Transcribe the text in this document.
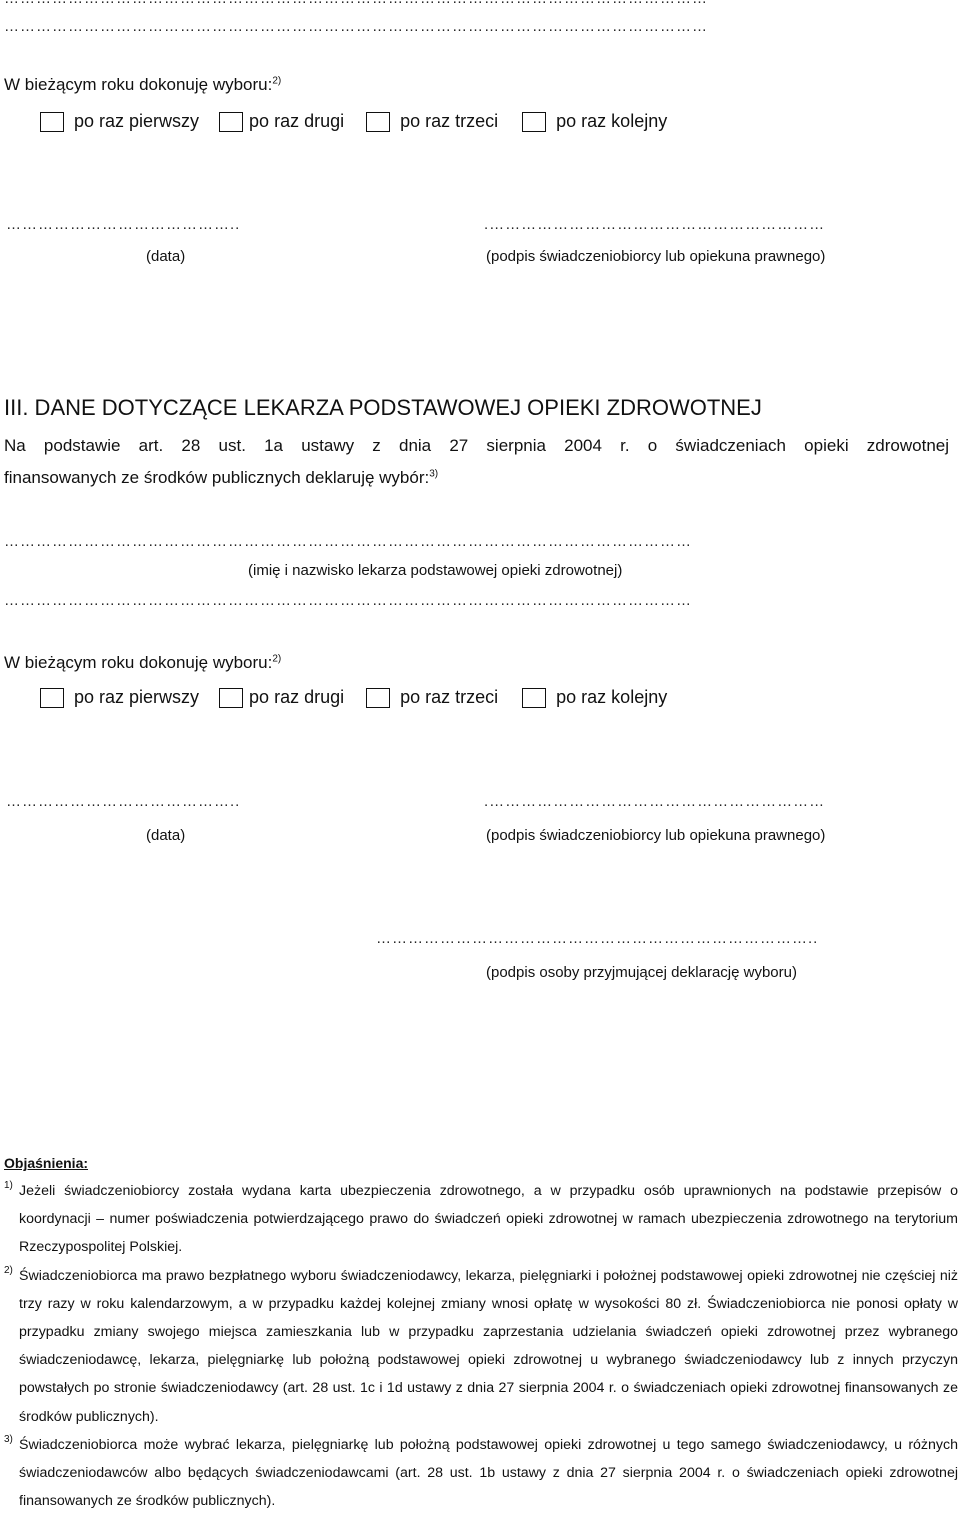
……………………………………………………………………………………………………………………
W bieżącym roku dokonuję wyboru:$^{2)}$
po raz pierwszy	po raz drugi	po raz trzeci	po raz kolejny
……………………………………..	.………………………………………………………
(data)	(podpis świadczeniobiorcy lub opiekuna prawnego)
III. DANE DOTYCZĄCE LEKARZA PODSTAWOWEJ OPIEKI ZDROWOTNEJ
Na podstawie art. 28 ust. 1a ustawy z dnia 27 sierpnia 2004 r. o świadczeniach opieki zdrowotnej
finansowanych ze środków publicznych deklaruję wybór:$^{3)}$
…………………………………………………………………………………………………………………
(imię i nazwisko lekarza podstawowej opieki zdrowotnej)
…………………………………………………………………………………………………………………
W bieżącym roku dokonuję wyboru:$^{2)}$
po raz pierwszy	po raz drugi	po raz trzeci	po raz kolejny
……………………………………..	.………………………………………………………
(data)	(podpis świadczeniobiorcy lub opiekuna prawnego)
………………………………………………………………………..
(podpis osoby przyjmującej deklarację wyboru)
Objaśnienia:
1) Jeżeli świadczeniobiorcy została wydana karta ubezpieczenia zdrowotnego, a w przypadku osób uprawnionych na podstawie przepisów o koordynacji – numer poświadczenia potwierdzającego prawo do świadczeń opieki zdrowotnej w ramach ubezpieczenia zdrowotnego na terytorium Rzeczypospolitej Polskiej.
2) Świadczeniobiorca ma prawo bezpłatnego wyboru świadczeniodawcy, lekarza, pielęgniarki i położnej podstawowej opieki zdrowotnej nie częściej niż trzy razy w roku kalendarzowym, a w przypadku każdej kolejnej zmiany wnosi opłatę w wysokości 80 zł. Świadczeniobiorca nie ponosi opłaty w przypadku zmiany swojego miejsca zamieszkania lub w przypadku zaprzestania udzielania świadczeń opieki zdrowotnej przez wybranego świadczeniodawcę, lekarza, pielęgniarkę lub położną podstawowej opieki zdrowotnej u wybranego świadczeniodawcy lub z innych przyczyn powstałych po stronie świadczeniodawcy (art. 28 ust. 1c i 1d ustawy z dnia 27 sierpnia 2004 r. o świadczeniach opieki zdrowotnej finansowanych ze środków publicznych).
3) Świadczeniobiorca może wybrać lekarza, pielęgniarkę lub położną podstawowej opieki zdrowotnej u tego samego świadczeniodawcy, u różnych świadczeniodawców albo będących świadczeniodawcami (art. 28 ust. 1b ustawy z dnia 27 sierpnia 2004 r. o świadczeniach opieki zdrowotnej finansowanych ze środków publicznych).
